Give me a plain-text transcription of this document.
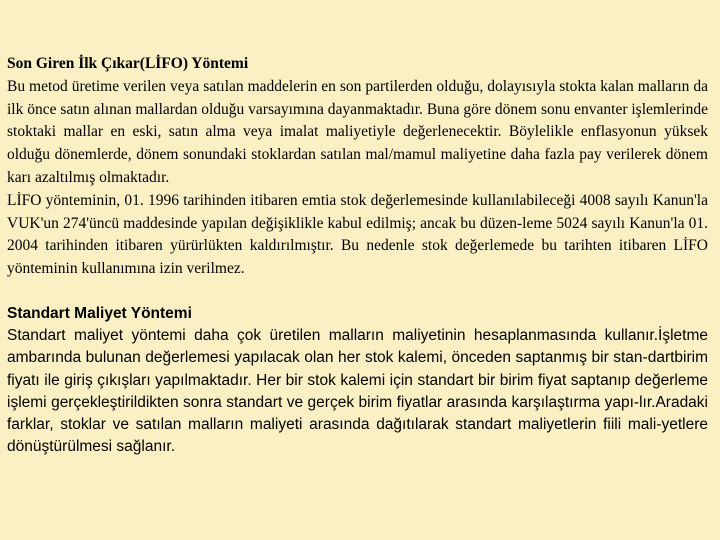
Son Giren İlk Çıkar(LİFO) Yöntemi

Bu metod üretime verilen veya satılan maddelerin en son partilerden olduğu, dolayısıyla stokta kalan malların da ilk önce satın alınan mallardan olduğu varsayımına dayanmaktadır. Buna göre dönem sonu envanter işlemlerinde stoktaki mallar en eski, satın alma veya imalat maliyetiyle değerlenecektir. Böylelikle enflasyonun yüksek olduğu dönemlerde, dönem sonundaki stoklardan satılan mal/mamul maliyetine daha fazla pay verilerek dönem karı azaltılmış olmaktadır.

LİFO yönteminin, 01. 1996 tarihinden itibaren emtia stok değerlemesinde kullanılabileceği 4008 sayılı Kanun'la VUK'un 274'üncü maddesinde yapılan değişiklikle kabul edilmiş; ancak bu düzen-leme 5024 sayılı Kanun'la 01. 2004 tarihinden itibaren yürürlükten kaldırılmıştır. Bu nedenle stok değerlemede bu tarihten itibaren LİFO yönteminin kullanımına izin verilmez.

Standart Maliyet Yöntemi

Standart maliyet yöntemi daha çok üretilen malların maliyetinin hesaplanmasında kullanır.İşletme ambarında bulunan değerlemesi yapılacak olan her stok kalemi, önceden saptanmış bir stan-dartbirim fiyatı ile giriş çıkışları yapılmaktadır. Her bir stok kalemi için standart bir birim fiyat saptanıp değerleme işlemi gerçekleştirildikten sonra standart ve gerçek birim fiyatlar arasında karşılaştırma yapı-lır.Aradaki farklar, stoklar ve satılan malların maliyeti arasında dağıtılarak standart maliyetlerin fiili mali-yetlere dönüştürülmesi sağlanır.
